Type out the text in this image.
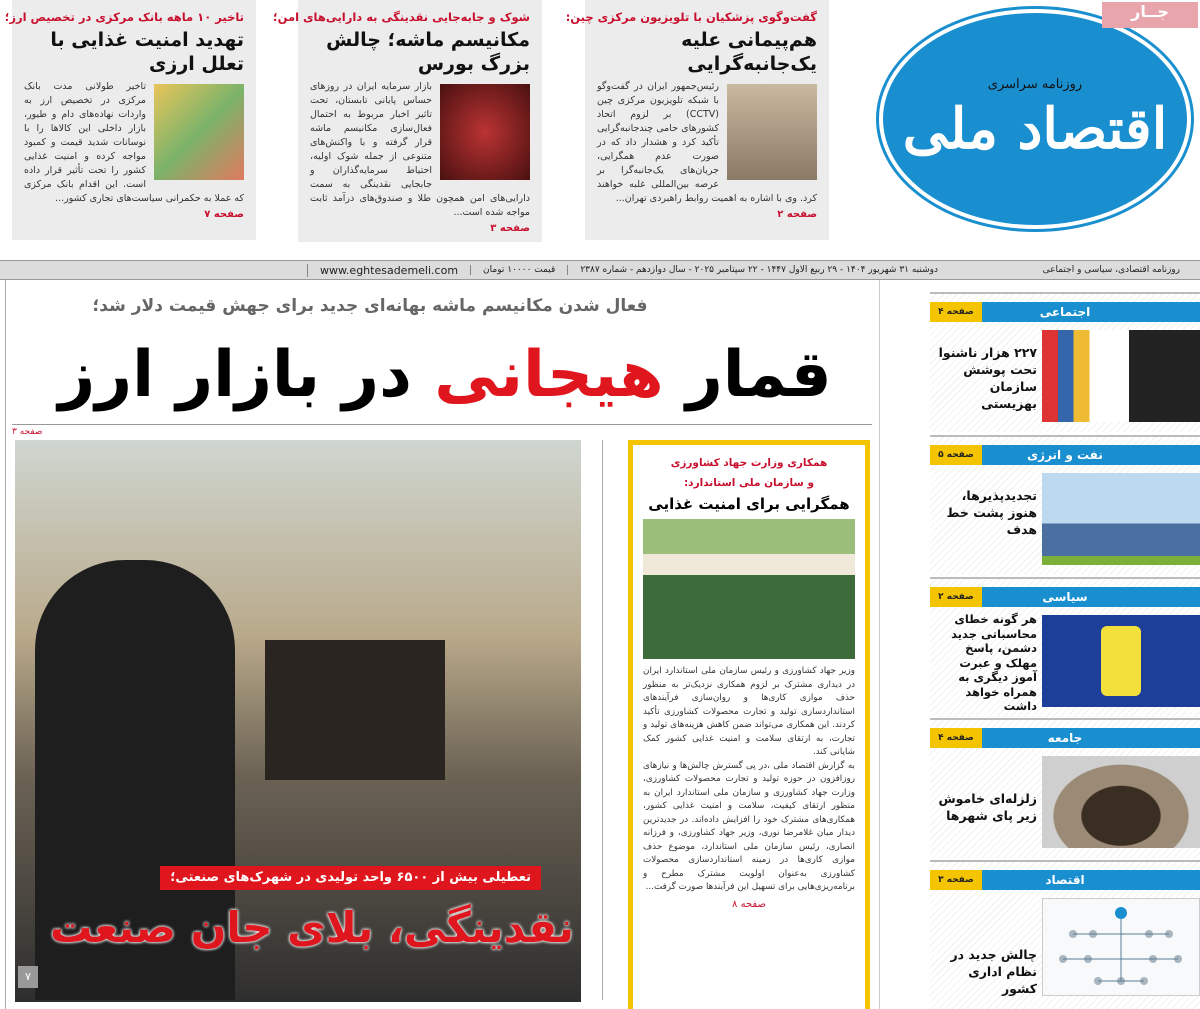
روزنامه سراسری
اقتصاد ملی
جــار
گفت‌وگوی پزشکیان با تلویزیون مرکزی چین:
هم‌پیمانی علیه یک‌جانبه‌گرایی
رئیس‌جمهور ایران در گفت‌وگو با شبکه تلویزیون مرکزی چین (CCTV) بر لزوم اتحاد کشورهای حامی چندجانبه‌گرایی تأکید کرد و هشدار داد که در صورت عدم همگرایی، جریان‌های یک‌جانبه‌گرا بر عرصه بین‌المللی غلبه خواهند کرد. وی با اشاره به اهمیت روابط راهبردی تهران...
صفحه ۲
شوک و جابه‌جایی نقدینگی به دارایی‌های امن؛
مکانیسم ماشه؛ چالش بزرگ بورس
بازار سرمایه ایران در روزهای حساس پایانی تابستان، تحت تاثیر اخبار مربوط به احتمال فعال‌سازی مکانیسم ماشه قرار گرفته و با واکنش‌های متنوعی از جمله شوک اولیه، احتیاط سرمایه‌گذاران و جابجایی نقدینگی به سمت دارایی‌های امن همچون طلا و صندوق‌های درآمد ثابت مواجه شده است...
صفحه ۳
تاخیر ۱۰ ماهه بانک مرکزی در تخصیص ارز؛
تهدید امنیت غذایی با تعلل ارزی
تاخیر طولانی مدت بانک مرکزی در تخصیص ارز به واردات نهاده‌های دام و طیور، بازار داخلی این کالاها را با نوسانات شدید قیمت و کمبود مواجه کرده و امنیت غذایی کشور را تحت تأثیر قرار داده است. این اقدام بانک مرکزی که عملا به حکمرانی سیاست‌های تجاری کشور...
صفحه ۷
روزنامه اقتصادی، سیاسی و اجتماعی
دوشنبه ۳۱ شهریور ۱۴۰۴ - ۲۹ ربیع الاول ۱۴۴۷ - ۲۲ سپتامبر ۲۰۲۵ - سال دوازدهم - شماره ۲۳۸۷
قیمت ۱۰۰۰۰ تومان
www.eghtesademeli.com
فعال شدن مکانیسم ماشه بهانه‌ای جدید برای جهش قیمت دلار شد؛
قمار هیجانی در بازار ارز
صفحه ۳
تعطیلی بیش از ۶۵۰۰ واحد تولیدی در شهرک‌های صنعتی؛
نقدینگی، بلای جان صنعت
۷
همکاری وزارت جهاد کشاورزی
و سازمان ملی استاندارد:
همگرایی برای امنیت غذایی
وزیر جهاد کشاورزی و رئیس سازمان ملی استاندارد ایران در دیداری مشترک بر لزوم همکاری نزدیک‌تر به منظور حذف موازی کاری‌ها و روان‌سازی فرآیندهای استانداردسازی تولید و تجارت محصولات کشاورزی تأکید کردند. این همکاری می‌تواند ضمن کاهش هزینه‌های تولید و تجارت، به ارتقای سلامت و امنیت غذایی کشور کمک شایانی کند.
به گزارش اقتصاد ملی ،در پی گسترش چالش‌ها و نیازهای روزافزون در حوزه تولید و تجارت محصولات کشاورزی، وزارت جهاد کشاورزی و سازمان ملی استاندارد ایران به منظور ارتقای کیفیت، سلامت و امنیت غذایی کشور، همکاری‌های مشترک خود را افزایش داده‌اند. در جدیدترین دیدار میان غلامرضا نوری، وزیر جهاد کشاورزی، و فرزانه انصاری، رئیس سازمان ملی استاندارد، موضوع حذف موازی کاری‌ها در زمینه استانداردسازی محصولات کشاورزی به‌عنوان اولویت مشترک مطرح و برنامه‌ریزی‌هایی برای تسهیل این فرآیندها صورت گرفت...
صفحه ۸
اجتماعی
صفحه ۴
۲۲۷ هزار ناشنوا تحت پوشش سازمان بهزیستی
نفت و انرژی
صفحه ۵
تجدیدپذیرها، هنوز پشت خط هدف
سیاسی
صفحه ۲
هر گونه خطای محاسباتی جدید دشمن، پاسخ مهلک و عبرت آموز دیگری به همراه خواهد داشت
جامعه
صفحه ۴
زلزله‌ای خاموش زیر پای شهرها
اقتصاد
صفحه ۳
چالش جدید در نظام اداری کشور
